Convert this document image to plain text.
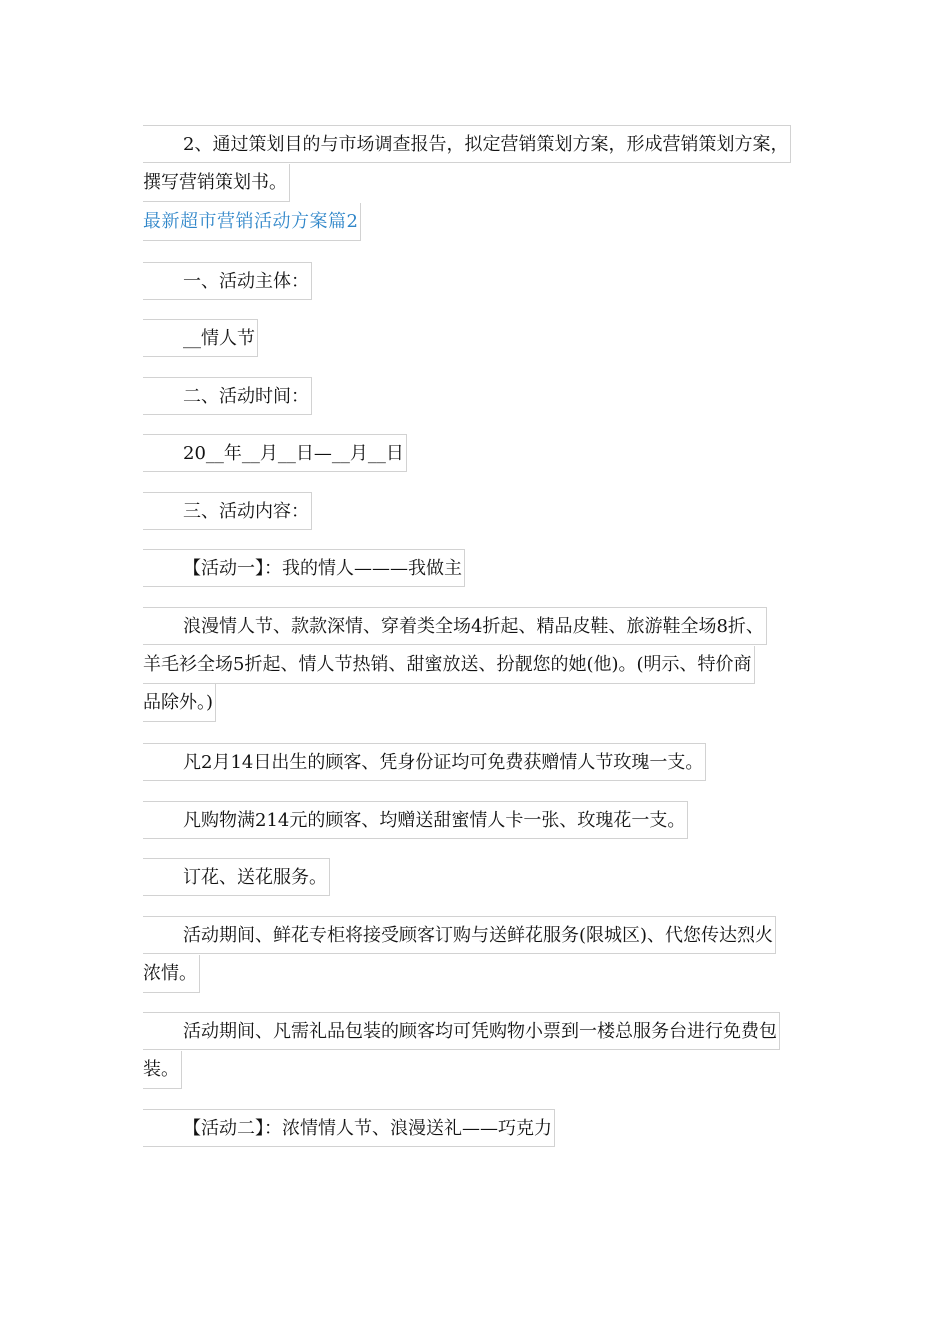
2、通过策划目的与市场调查报告，拟定营销策划方案，形成营销策划方案，
撰写营销策划书。
最新超市营销活动方案篇2
一、活动主体：
__情人节
二、活动时间：
20__年__月__日—__月__日
三、活动内容：
【活动一】：我的情人———我做主
浪漫情人节、款款深情、穿着类全场4折起、精品皮鞋、旅游鞋全场8折、
羊毛衫全场5折起、情人节热销、甜蜜放送、扮靓您的她(他)。(明示、特价商
品除外。)
凡2月14日出生的顾客、凭身份证均可免费获赠情人节玫瑰一支。
凡购物满214元的顾客、均赠送甜蜜情人卡一张、玫瑰花一支。
订花、送花服务。
活动期间、鲜花专柜将接受顾客订购与送鲜花服务(限城区)、代您传达烈火
浓情。
活动期间、凡需礼品包装的顾客均可凭购物小票到一楼总服务台进行免费包
装。
【活动二】：浓情情人节、浪漫送礼——巧克力
